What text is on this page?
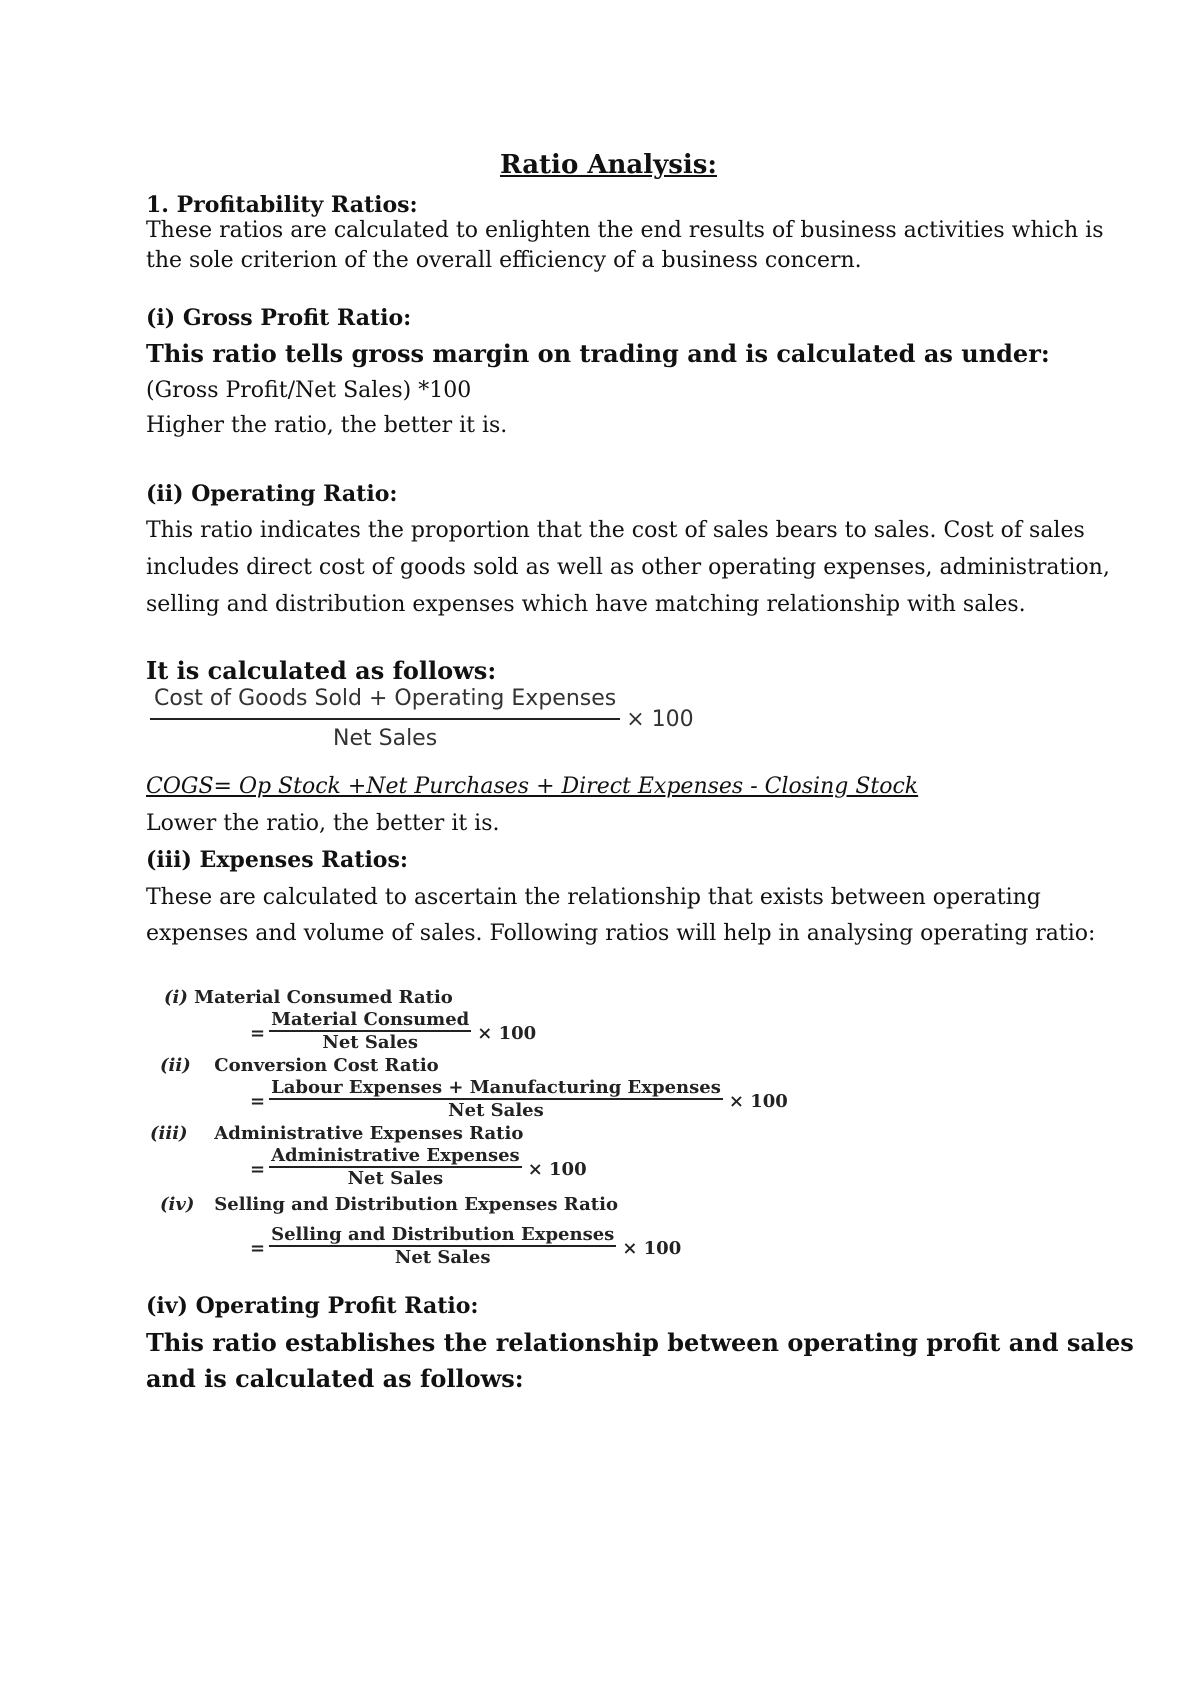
Ratio Analysis:
1. Profitability Ratios:
These ratios are calculated to enlighten the end results of business activities which is
the sole criterion of the overall efficiency of a business concern.
(i) Gross Profit Ratio:
This ratio tells gross margin on trading and is calculated as under:
(Gross Profit/Net Sales) *100
Higher the ratio, the better it is.
(ii) Operating Ratio:
This ratio indicates the proportion that the cost of sales bears to sales. Cost of sales
includes direct cost of goods sold as well as other operating expenses, administration,
selling and distribution expenses which have matching relationship with sales.
It is calculated as follows:
$\frac{\text{Cost of Goods Sold + Operating Expenses}}{\text{Net Sales}} \times 100$
COGS= Op Stock +Net Purchases + Direct Expenses - Closing Stock
Lower the ratio, the better it is.
(iii) Expenses Ratios:
These are calculated to ascertain the relationship that exists between operating
expenses and volume of sales. Following ratios will help in analysing operating ratio:
(i) Material Consumed Ratio
= $\frac{\text{Material Consumed}}{\text{Net Sales}} \times 100$
(ii) Conversion Cost Ratio
= $\frac{\text{Labour Expenses + Manufacturing Expenses}}{\text{Net Sales}} \times 100$
(iii) Administrative Expenses Ratio
= $\frac{\text{Administrative Expenses}}{\text{Net Sales}} \times 100$
(iv) Selling and Distribution Expenses Ratio
= $\frac{\text{Selling and Distribution Expenses}}{\text{Net Sales}} \times 100$
(iv) Operating Profit Ratio:
This ratio establishes the relationship between operating profit and sales
and is calculated as follows:
